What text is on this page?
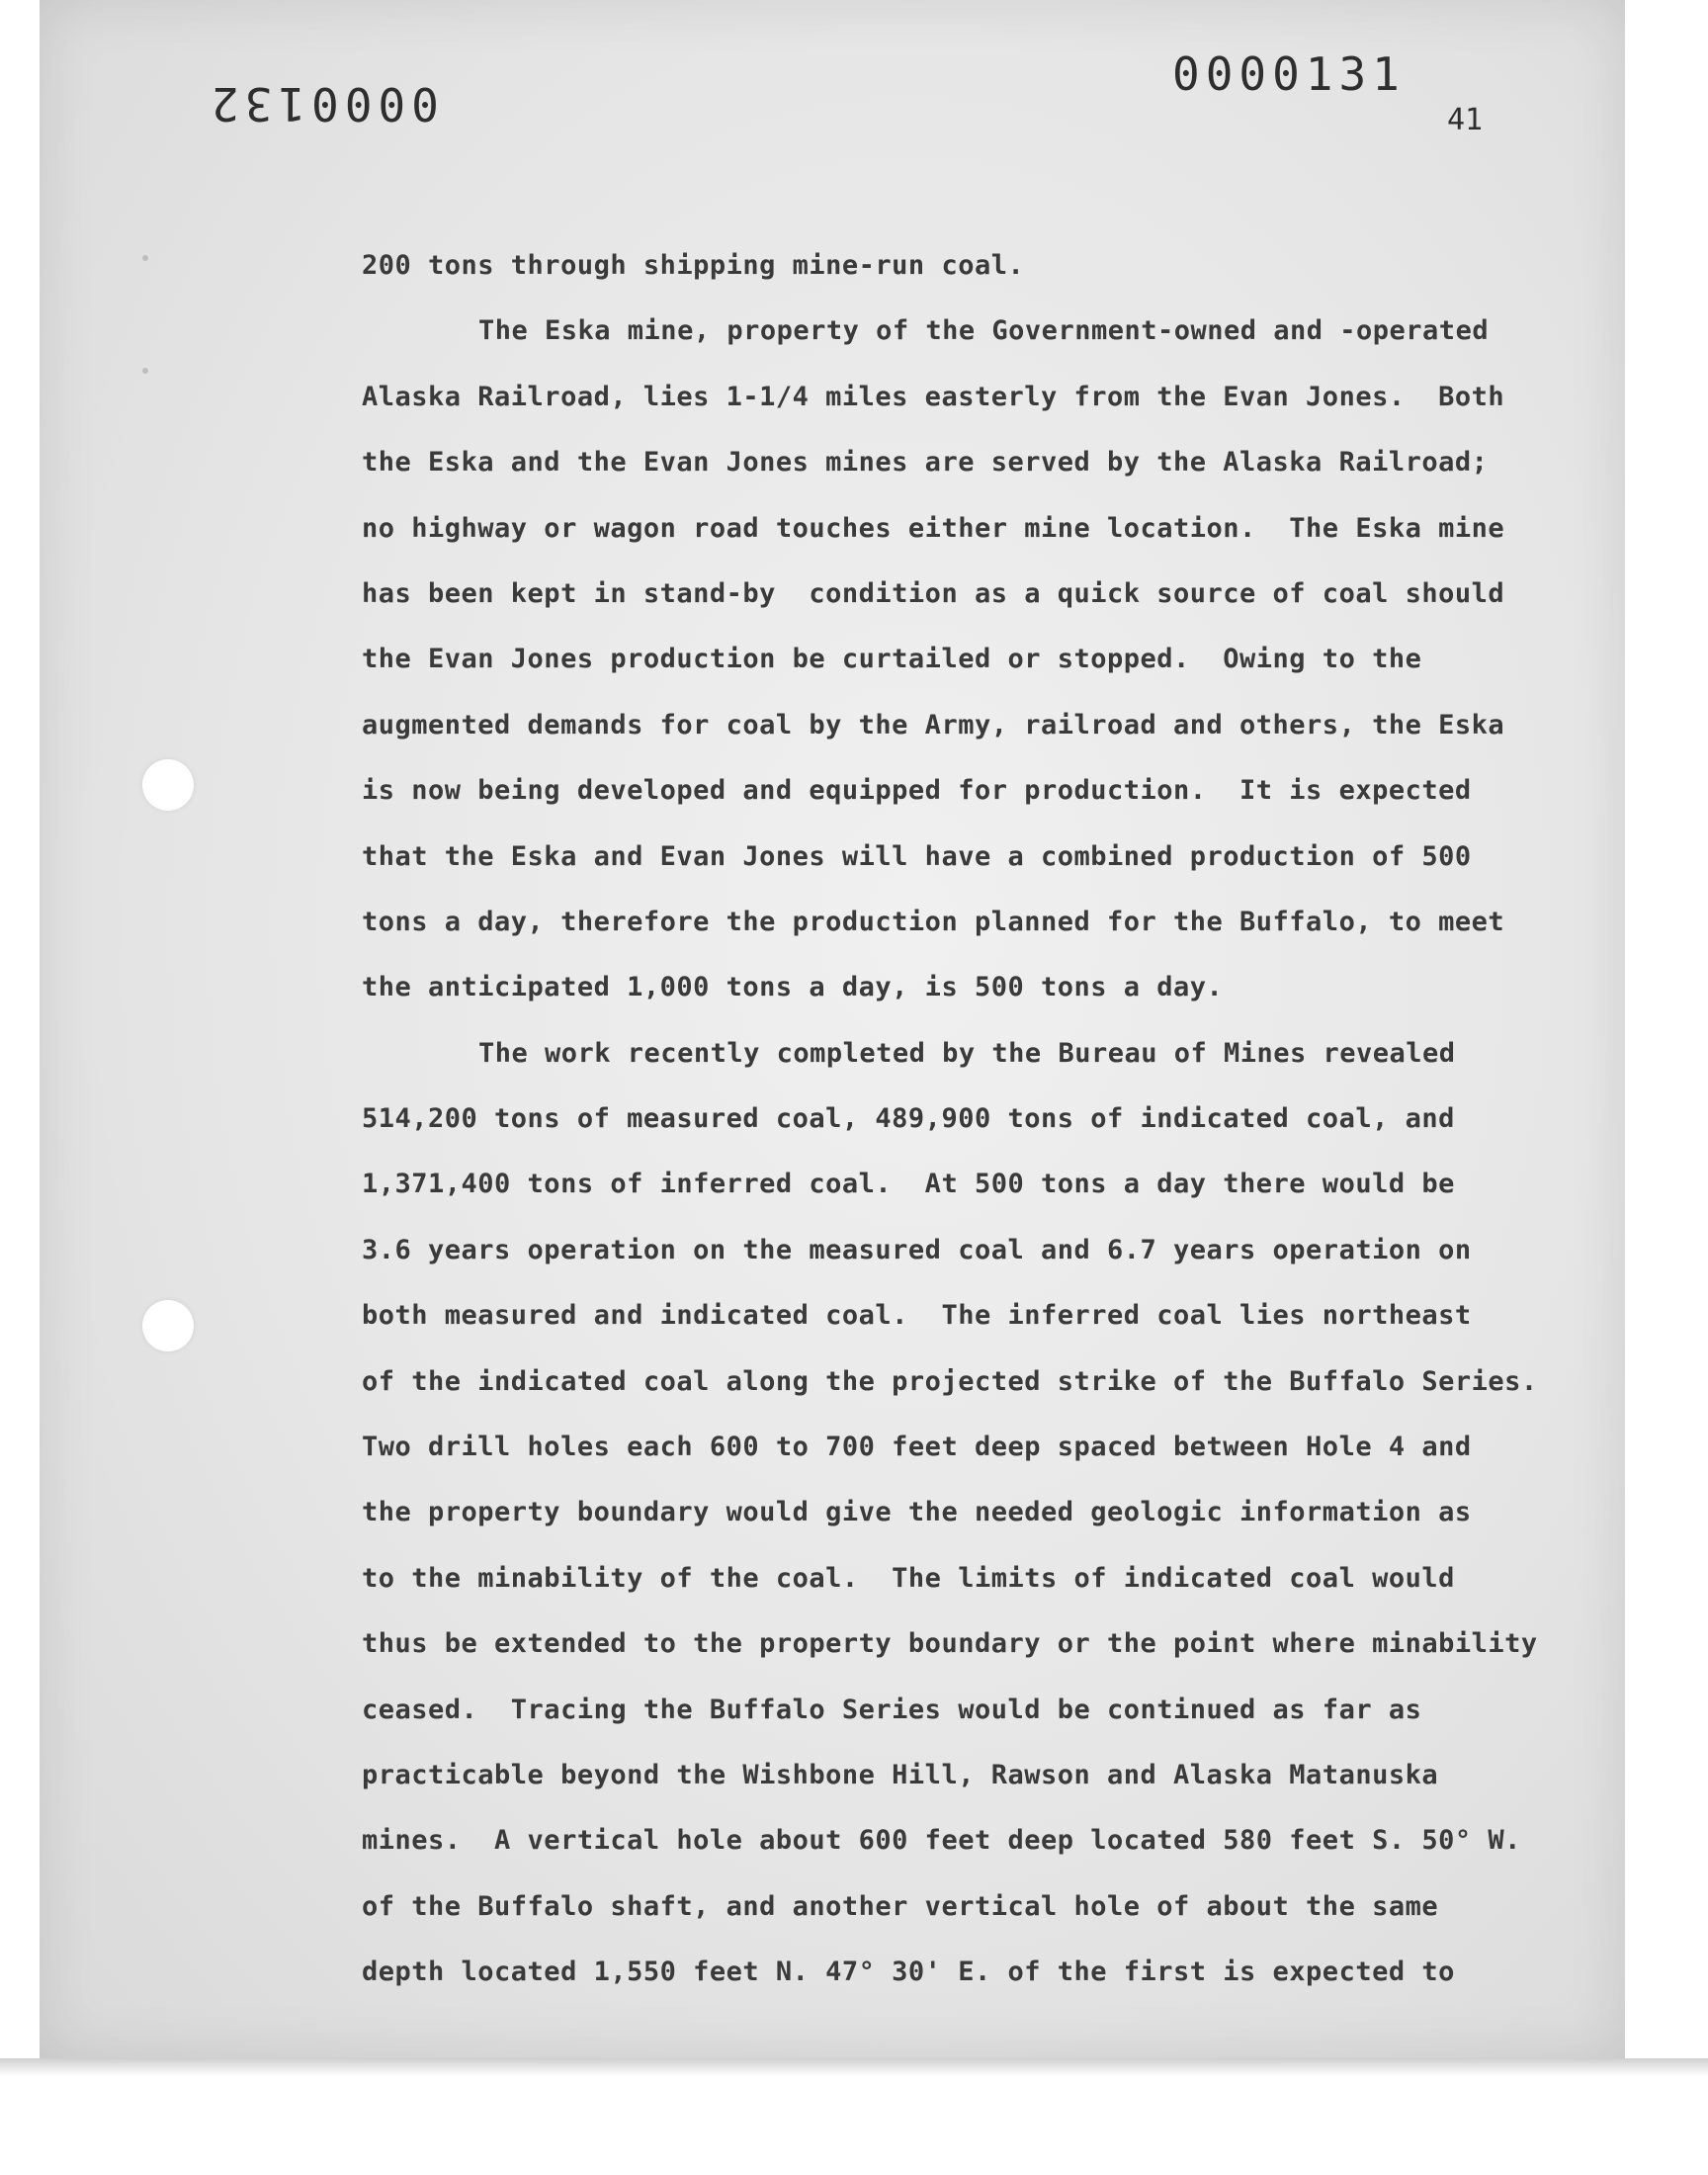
0000132
0000131
41
200 tons through shipping mine-run coal.
The Eska mine, property of the Government-owned and -operated
Alaska Railroad, lies 1-1/4 miles easterly from the Evan Jones.  Both
the Eska and the Evan Jones mines are served by the Alaska Railroad;
no highway or wagon road touches either mine location.  The Eska mine
has been kept in stand-by  condition as a quick source of coal should
the Evan Jones production be curtailed or stopped.  Owing to the
augmented demands for coal by the Army, railroad and others, the Eska
is now being developed and equipped for production.  It is expected
that the Eska and Evan Jones will have a combined production of 500
tons a day, therefore the production planned for the Buffalo, to meet
the anticipated 1,000 tons a day, is 500 tons a day.
The work recently completed by the Bureau of Mines revealed
514,200 tons of measured coal, 489,900 tons of indicated coal, and
1,371,400 tons of inferred coal.  At 500 tons a day there would be
3.6 years operation on the measured coal and 6.7 years operation on
both measured and indicated coal.  The inferred coal lies northeast
of the indicated coal along the projected strike of the Buffalo Series.
Two drill holes each 600 to 700 feet deep spaced between Hole 4 and
the property boundary would give the needed geologic information as
to the minability of the coal.  The limits of indicated coal would
thus be extended to the property boundary or the point where minability
ceased.  Tracing the Buffalo Series would be continued as far as
practicable beyond the Wishbone Hill, Rawson and Alaska Matanuska
mines.  A vertical hole about 600 feet deep located 580 feet S. 50° W.
of the Buffalo shaft, and another vertical hole of about the same
depth located 1,550 feet N. 47° 30' E. of the first is expected to
